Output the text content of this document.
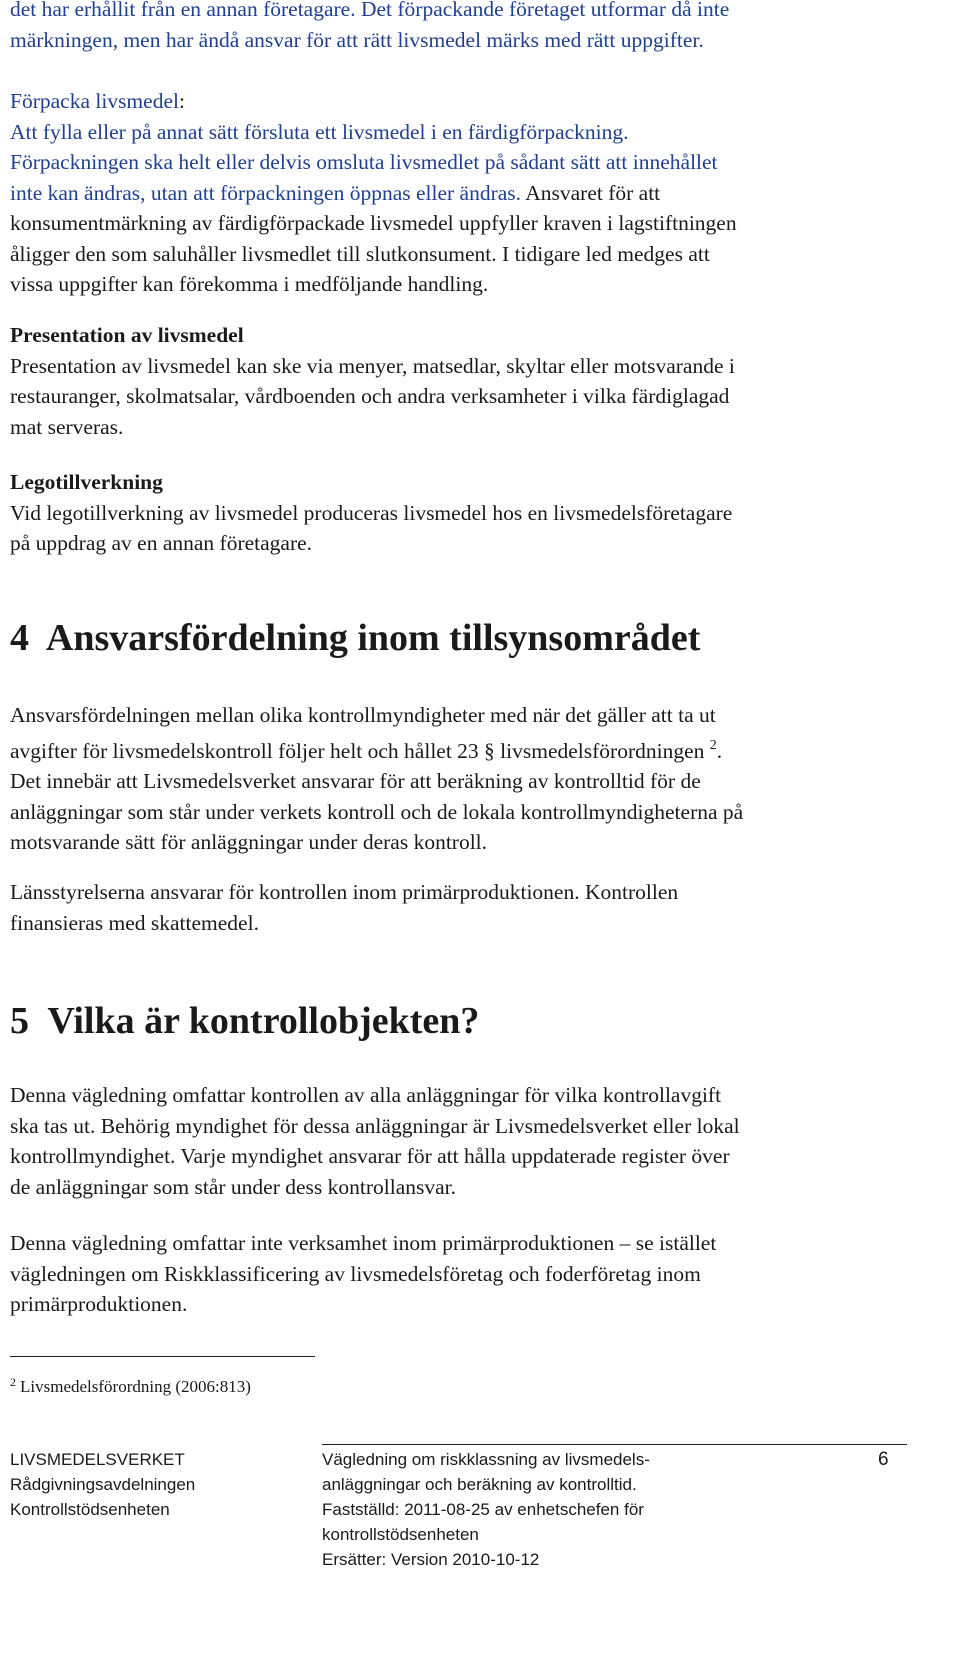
det har erhållit från en annan företagare. Det förpackande företaget utformar då inte

märkningen, men har ändå ansvar för att rätt livsmedel märks med rätt uppgifter.

Förpacka livsmedel:

Att fylla eller på annat sätt försluta ett livsmedel i en färdigförpackning.

Förpackningen ska helt eller delvis omsluta livsmedlet på sådant sätt att innehållet

inte kan ändras, utan att förpackningen öppnas eller ändras. Ansvaret för att

konsumentmärkning av färdigförpackade livsmedel uppfyller kraven i lagstiftningen

åligger den som saluhåller livsmedlet till slutkonsument. I tidigare led medges att

vissa uppgifter kan förekomma i medföljande handling.

Presentation av livsmedel

Presentation av livsmedel kan ske via menyer, matsedlar, skyltar eller motsvarande i

restauranger, skolmatsalar, vårdboenden och andra verksamheter i vilka färdiglagad

mat serveras.

Legotillverkning

Vid legotillverkning av livsmedel produceras livsmedel hos en livsmedelsföretagare

på uppdrag av en annan företagare.

4  Ansvarsfördelning inom tillsynsområdet

Ansvarsfördelningen mellan olika kontrollmyndigheter med när det gäller att ta ut

avgifter för livsmedelskontroll följer helt och hållet 23 § livsmedelsförordningen $^2$.

Det innebär att Livsmedelsverket ansvarar för att beräkning av kontrolltid för de

anläggningar som står under verkets kontroll och de lokala kontrollmyndigheterna på

motsvarande sätt för anläggningar under deras kontroll.

Länsstyrelserna ansvarar för kontrollen inom primärproduktionen. Kontrollen

finansieras med skattemedel.

5  Vilka är kontrollobjekten?

Denna vägledning omfattar kontrollen av alla anläggningar för vilka kontrollavgift

ska tas ut. Behörig myndighet för dessa anläggningar är Livsmedelsverket eller lokal

kontrollmyndighet. Varje myndighet ansvarar för att hålla uppdaterade register över

de anläggningar som står under dess kontrollansvar.

Denna vägledning omfattar inte verksamhet inom primärproduktionen – se istället

vägledningen om Riskklassificering av livsmedelsföretag och foderföretag inom

primärproduktionen.

$^2$ Livsmedelsförordning (2006:813)
LIVSMEDELSVERKET
Rådgivningsavdelningen
Kontrollstödsenheten
Vägledning om riskklassning av livsmedels-
anläggningar och beräkning av kontrolltid.
Fastställd: 2011-08-25 av enhetschefen för
kontrollstödsenheten
Ersätter: Version 2010-10-12
6
